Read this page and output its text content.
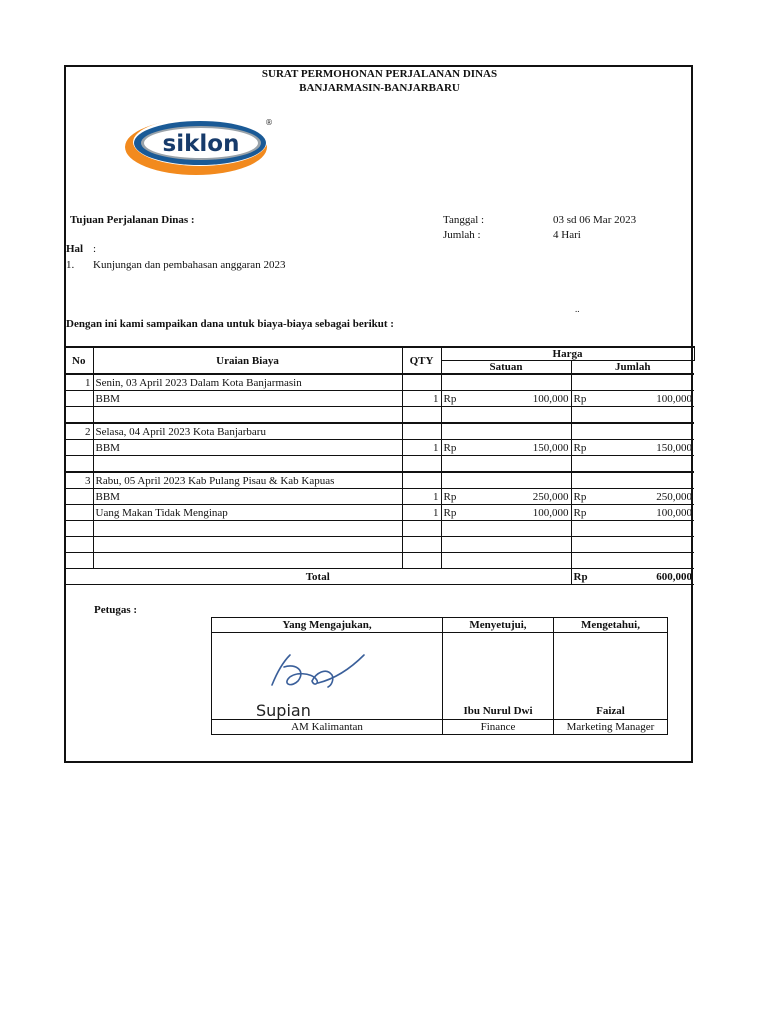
SURAT PERMOHONAN PERJALANAN DINAS
BANJARMASIN-BANJARBARU
siklon
®
Tujuan Perjalanan Dinas :	Tanggal :	03 sd 06 Mar 2023
Jumlah :	4 Hari
Hal :
1. Kunjungan dan pembahasan anggaran 2023
..
Dengan ini kami sampaikan dana untuk biaya-biaya sebagai berikut :
No	Uraian Biaya	QTY	Harga	
			Satuan	Jumlah
1	Senin, 03 April 2023 Dalam Kota Banjarmasin		

	BBM	1	Rp 100,000	Rp 100,000

2	Selasa, 04 April 2023 Kota Banjarbaru		

	BBM	1	Rp 150,000	Rp 150,000

3	Rabu, 05 April 2023 Kab Pulang Pisau & Kab Kapuas		

	BBM	1	Rp 250,000	Rp 250,000

	Uang Makan Tidak Menginap	1	Rp 100,000	Rp 100,000

Total				Rp 600,000
Petugas :
Yang Mengajukan,	Menyetujui,	Mengetahui,

Supian	Ibu Nurul Dwi	Faizal

AM Kalimantan	Finance	Marketing Manager
